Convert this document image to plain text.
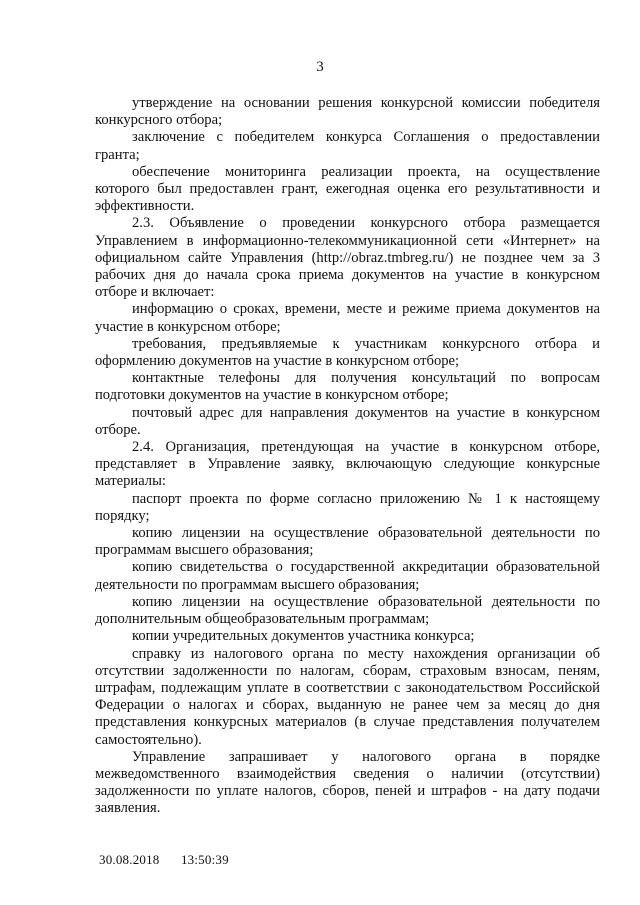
3

утверждение на основании решения конкурсной комиссии победителя конкурсного отбора;

заключение с победителем конкурса Соглашения о предоставлении гранта;

обеспечение мониторинга реализации проекта, на осуществление которого был предоставлен грант, ежегодная оценка его результативности и эффективности.

2.3. Объявление о проведении конкурсного отбора размещается Управлением в информационно-телекоммуникационной сети «Интернет» на официальном сайте Управления (http://obraz.tmbreg.ru/) не позднее чем за 3 рабочих дня до начала срока приема документов на участие в конкурсном отборе и включает:

информацию о сроках, времени, месте и режиме приема документов на участие в конкурсном отборе;

требования, предъявляемые к участникам конкурсного отбора и оформлению документов на участие в конкурсном отборе;

контактные телефоны для получения консультаций по вопросам подготовки документов на участие в конкурсном отборе;

почтовый адрес для направления документов на участие в конкурсном отборе.

2.4. Организация, претендующая на участие в конкурсном отборе, представляет в Управление заявку, включающую следующие конкурсные материалы:

паспорт проекта по форме согласно приложению № 1 к настоящему порядку;

копию лицензии на осуществление образовательной деятельности по программам высшего образования;

копию свидетельства о государственной аккредитации образовательной деятельности по программам высшего образования;

копию лицензии на осуществление образовательной деятельности по дополнительным общеобразовательным программам;

копии учредительных документов участника конкурса;

справку из налогового органа по месту нахождения организации об отсутствии задолженности по налогам, сборам, страховым взносам, пеням, штрафам, подлежащим уплате в соответствии с законодательством Российской Федерации о налогах и сборах, выданную не ранее чем за месяц до дня представления конкурсных материалов (в случае представления получателем самостоятельно).

Управление запрашивает у налогового органа в порядке межведомственного взаимодействия сведения о наличии (отсутствии) задолженности по уплате налогов, сборов, пеней и штрафов - на дату подачи заявления.

30.08.2018 13:50:39
